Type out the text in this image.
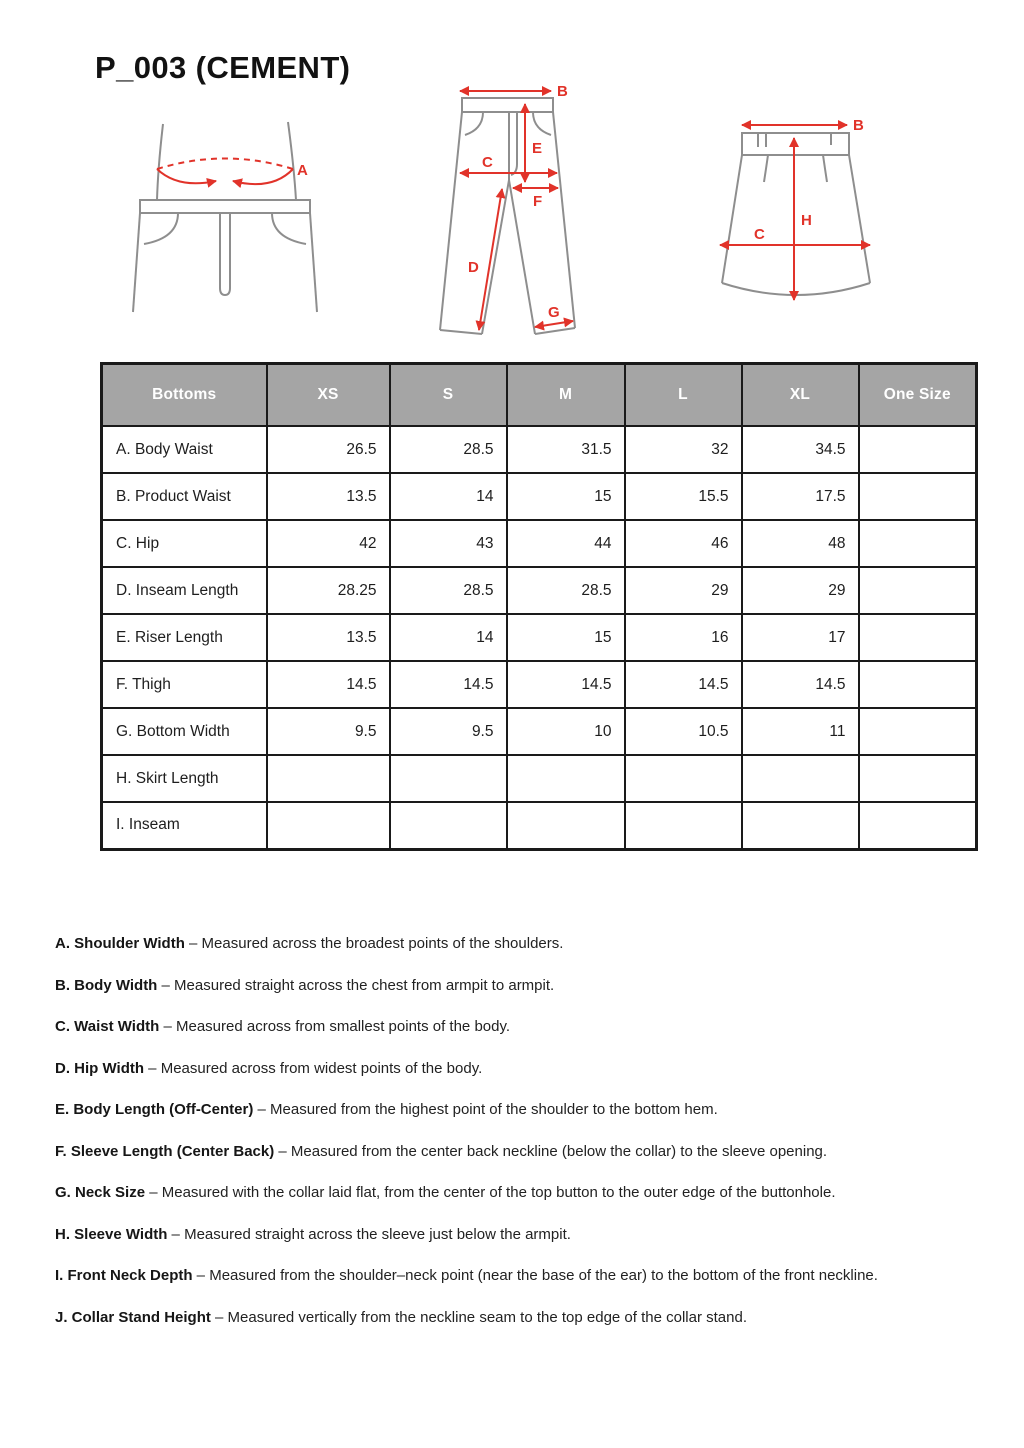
P_003 (CEMENT)
A
B
E
C
F
D
G
B
H
C
Bottoms	XS	S	M	L	XL	One Size
A. Body Waist	26.5	28.5	31.5	32	34.5	
B. Product Waist	13.5	14	15	15.5	17.5	
C. Hip	42	43	44	46	48	
D. Inseam Length	28.25	28.5	28.5	29	29	
E. Riser Length	13.5	14	15	16	17	
F. Thigh	14.5	14.5	14.5	14.5	14.5	
G. Bottom Width	9.5	9.5	10	10.5	11	
H. Skirt Length						
I. Inseam						

A. Shoulder Width – Measured across the broadest points of the shoulders.

B. Body Width – Measured straight across the chest from armpit to armpit.

C. Waist Width – Measured across from smallest points of the body.

D. Hip Width – Measured across from widest points of the body.

E. Body Length (Off-Center) – Measured from the highest point of the shoulder to the bottom hem.

F. Sleeve Length (Center Back) – Measured from the center back neckline (below the collar) to the sleeve opening.

G. Neck Size – Measured with the collar laid flat, from the center of the top button to the outer edge of the buttonhole.

H. Sleeve Width – Measured straight across the sleeve just below the armpit.

I. Front Neck Depth – Measured from the shoulder–neck point (near the base of the ear) to the bottom of the front neckline.

J. Collar Stand Height – Measured vertically from the neckline seam to the top edge of the collar stand.
